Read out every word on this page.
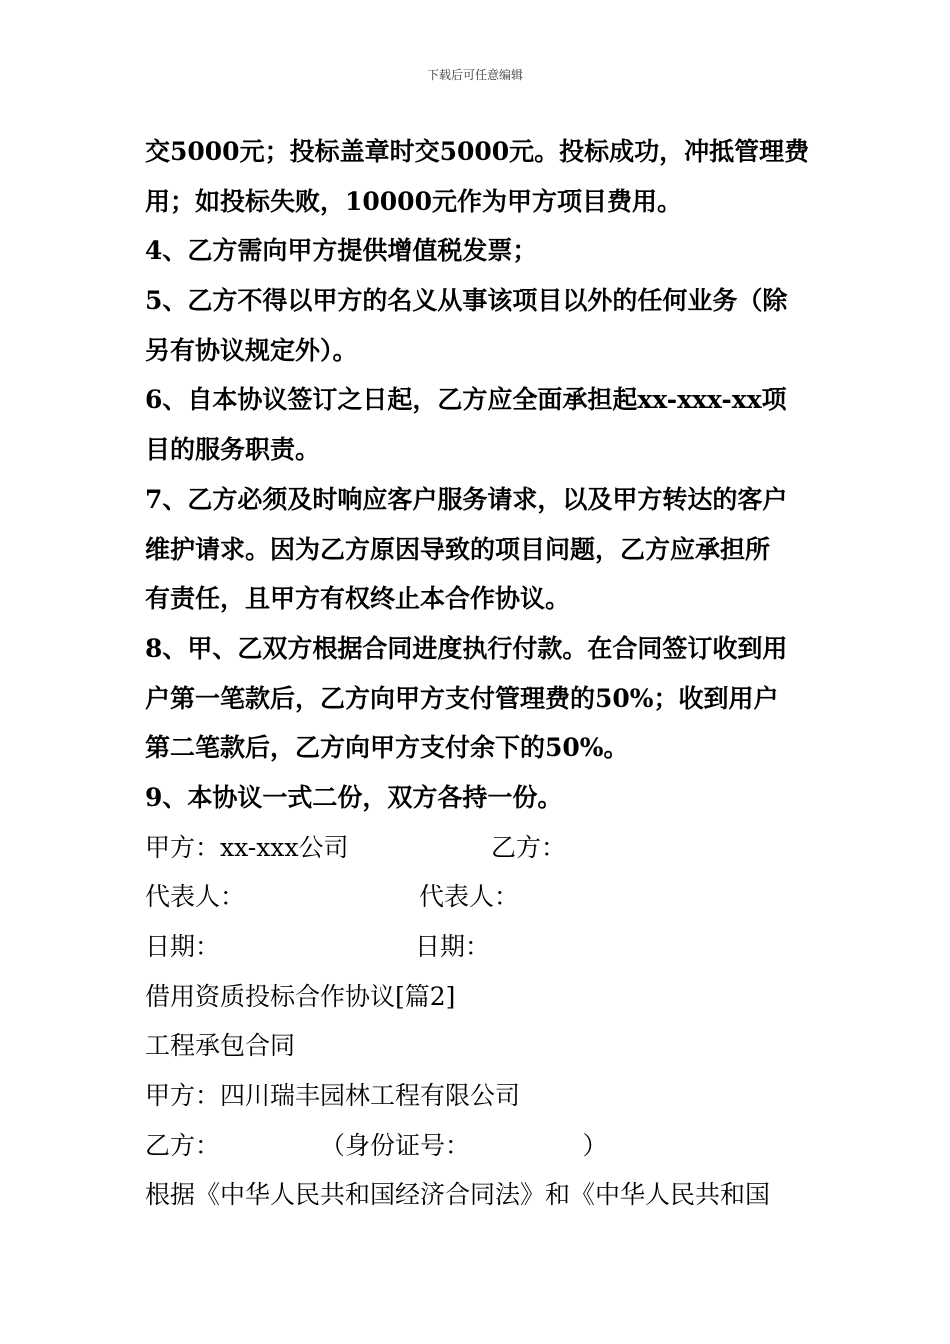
下载后可任意编辑
交5000元；投标盖章时交5000元。投标成功，冲抵管理费
用；如投标失败，10000元作为甲方项目费用。
4、乙方需向甲方提供增值税发票；
5、乙方不得以甲方的名义从事该项目以外的任何业务（除
另有协议规定外）。
6、自本协议签订之日起，乙方应全面承担起xx-xxx-xx项
目的服务职责。
7、乙方必须及时响应客户服务请求，以及甲方转达的客户
维护请求。因为乙方原因导致的项目问题，乙方应承担所
有责任，且甲方有权终止本合作协议。
8、甲、乙双方根据合同进度执行付款。在合同签订收到用
户第一笔款后，乙方向甲方支付管理费的50%；收到用户
第二笔款后，乙方向甲方支付余下的50%。
9、本协议一式二份，双方各持一份。
甲方：xx-xxx公司	乙方：
代表人：	代表人：
日期：	日期：
借用资质投标合作协议[篇2]
工程承包合同
甲方：四川瑞丰园林工程有限公司
乙方：　　　　　（身份证号：　　　　　）
根据《中华人民共和国经济合同法》和《中华人民共和国
